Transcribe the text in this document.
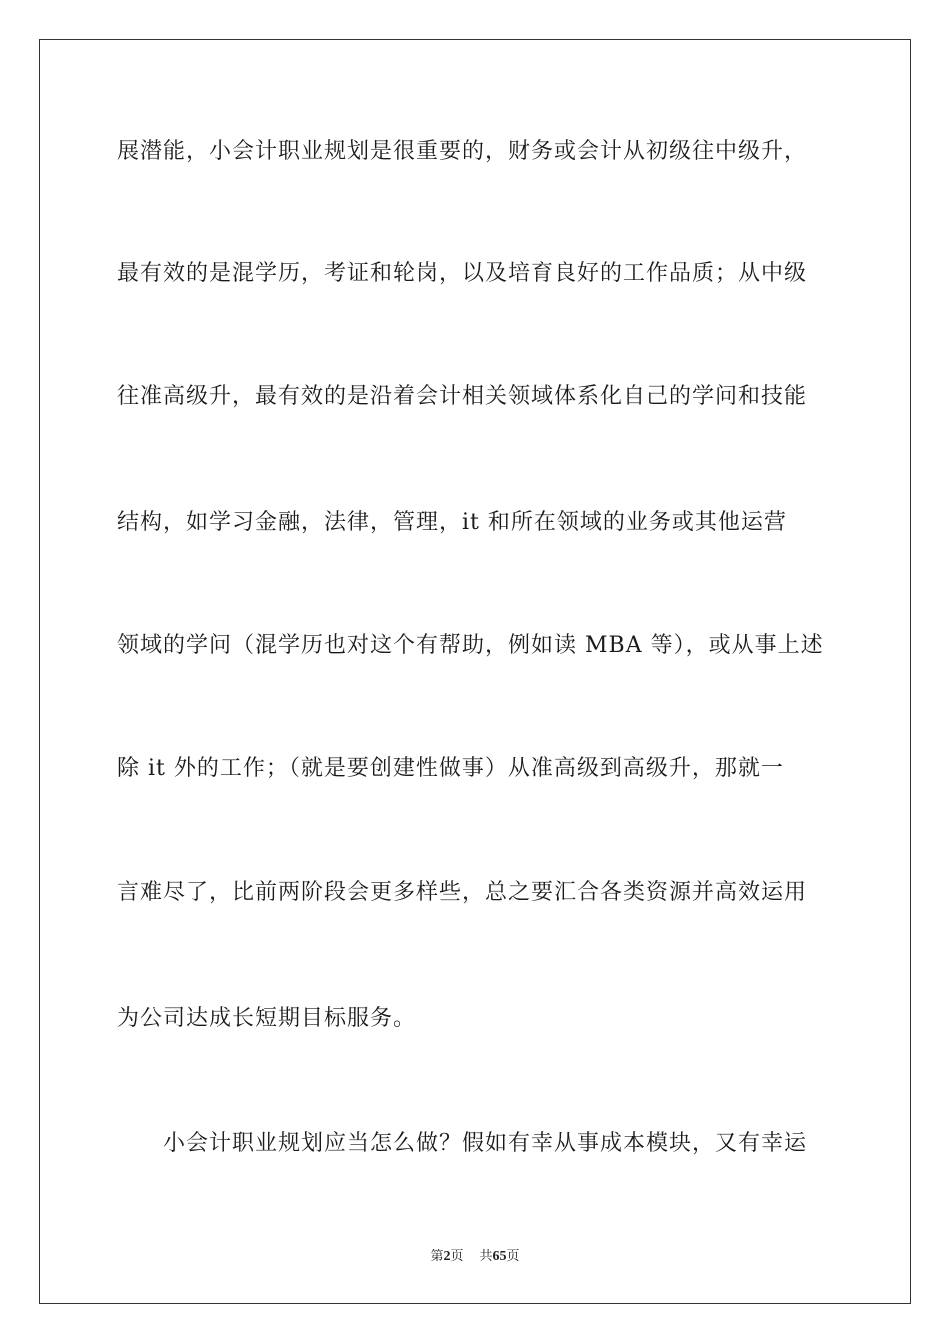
展潜能，小会计职业规划是很重要的，财务或会计从初级往中级升，

最有效的是混学历，考证和轮岗，以及培育良好的工作品质；从中级

往准高级升，最有效的是沿着会计相关领域体系化自己的学问和技能

结构，如学习金融，法律，管理，it 和所在领域的业务或其他运营

领域的学问（混学历也对这个有帮助，例如读 MBA 等），或从事上述

除 it 外的工作；（就是要创建性做事）从准高级到高级升，那就一

言难尽了，比前两阶段会更多样些，总之要汇合各类资源并高效运用

为公司达成长短期目标服务。

小会计职业规划应当怎么做？假如有幸从事成本模块，又有幸运

第2页 共65页
